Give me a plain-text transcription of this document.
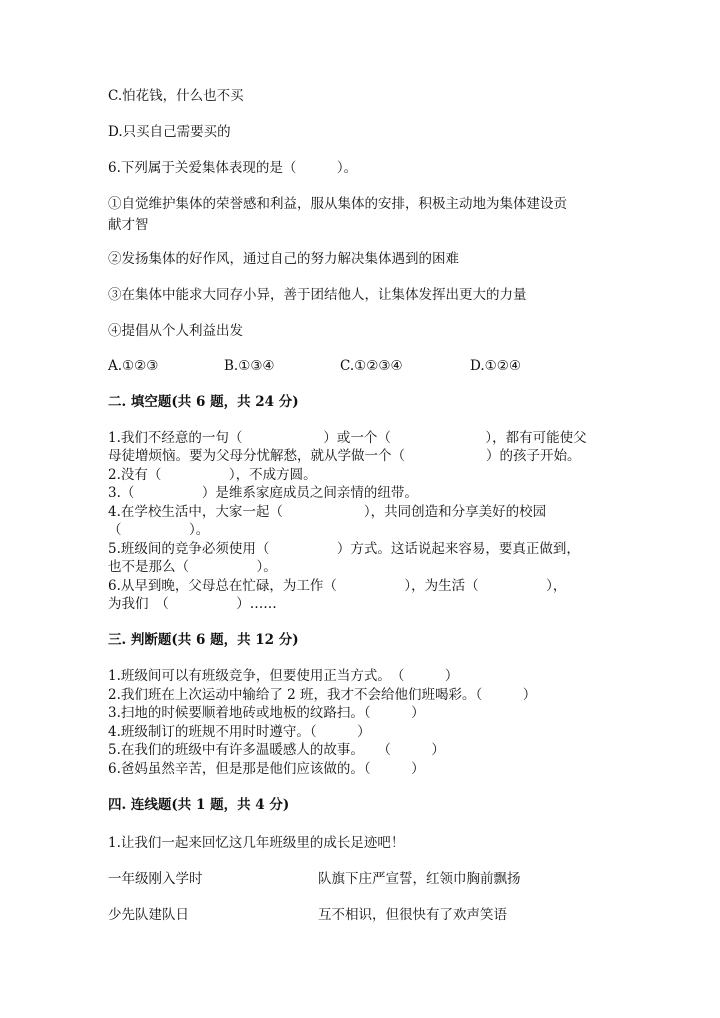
C.怕花钱，什么也不买
D.只买自己需要买的
6.下列属于关爱集体表现的是（　　　）。
①自觉维护集体的荣誉感和利益，服从集体的安排，积极主动地为集体建设贡
献才智
②发扬集体的好作风，通过自己的努力解决集体遇到的困难
③在集体中能求大同存小异，善于团结他人，让集体发挥出更大的力量
④提倡从个人利益出发
A.①②③	B.①③④	C.①②③④	D.①②④
二. 填空题(共 6 题，共 24 分)
1.我们不经意的一句（　　　　　　）或一个（　　　　　　　），都有可能使父
母徒增烦恼。要为父母分忧解愁，就从学做一个（　　　　　　）的孩子开始。
2.没有（　　　　　），不成方圆。
3.（　　　　　）是维系家庭成员之间亲情的纽带。
4.在学校生活中，大家一起（　　　　　　），共同创造和分享美好的校园
（　　　　　）。
5.班级间的竞争必须使用（　　　　　）方式。这话说起来容易，要真正做到，
也不是那么（　　　　　）。
6.从早到晚，父母总在忙碌，为工作（　　　　　），为生活（　　　　　），
为我们　（　　　　　）……
三. 判断题(共 6 题，共 12 分)
1.班级间可以有班级竞争，但要使用正当方式。　（　　　）
2.我们班在上次运动中输给了 2 班，我才不会给他们班喝彩。（　　　）
3.扫地的时候要顺着地砖或地板的纹路扫。（　　　）
4.班级制订的班规不用时时遵守。（　　　）
5.在我们的班级中有许多温暖感人的故事。　　（　　　）
6.爸妈虽然辛苦，但是那是他们应该做的。（　　　）
四. 连线题(共 1 题，共 4 分)
1.让我们一起来回忆这几年班级里的成长足迹吧！
一年级刚入学时	队旗下庄严宣誓，红领巾胸前飘扬
少先队建队日	互不相识，但很快有了欢声笑语
